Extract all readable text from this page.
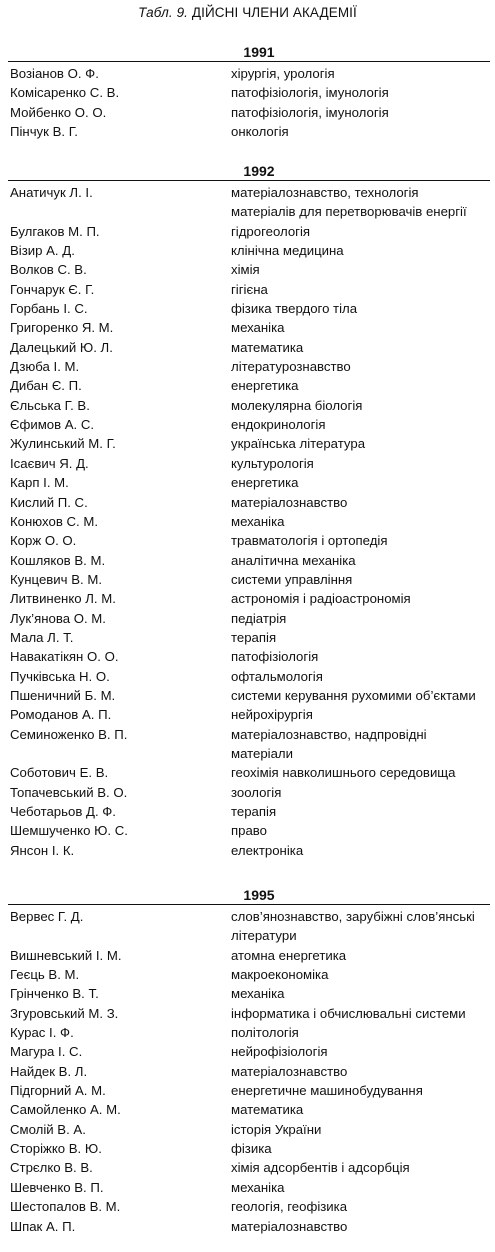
Табл. 9. ДІЙСНІ ЧЛЕНИ АКАДЕМІЇ
1991
Возіанов О. Ф.	хірургія, урологія
Комісаренко С. В.	патофізіологія, імунологія
Мойбенко О. О.	патофізіологія, імунологія
Пінчук В. Г.	онкологія
1992
Анатичук Л. І.	матеріалознавство, технологія
матеріалів для перетворювачів енергії
Булгаков М. П.	гідрогеологія
Візир А. Д.	клінічна медицина
Волков С. В.	хімія
Гончарук Є. Г.	гігієна
Горбань І. С.	фізика твердого тіла
Григоренко Я. М.	механіка
Далецький Ю. Л.	математика
Дзюба І. М.	літературознавство
Дибан Є. П.	енергетика
Єльська Г. В.	молекулярна біологія
Єфимов А. С.	ендокринологія
Жулинський М. Г.	українська література
Ісаєвич Я. Д.	культурологія
Карп І. М.	енергетика
Кислий П. С.	матеріалознавство
Конюхов С. М.	механіка
Корж О. О.	травматологія і ортопедія
Кошляков В. М.	аналітична механіка
Кунцевич В. М.	системи управління
Литвиненко Л. М.	астрономія і радіоастрономія
Лук’янова О. М.	педіатрія
Мала Л. Т.	терапія
Навакатікян О. О.	патофізіологія
Пучківська Н. О.	офтальмологія
Пшеничний Б. М.	системи керування рухомими об’єктами
Ромоданов А. П.	нейрохірургія
Семиноженко В. П.	матеріалознавство, надпровідні
матеріали
Соботович Е. В.	геохімія навколишнього середовища
Топачевський В. О.	зоологія
Чеботарьов Д. Ф.	терапія
Шемшученко Ю. С.	право
Янсон І. К.	електроніка
1995
Вервес Г. Д.	слов’янознавство, зарубіжні слов’янські
літератури
Вишневський І. М.	атомна енергетика
Геєць В. М.	макроекономіка
Грінченко В. Т.	механіка
Згуровський М. З.	інформатика і обчислювальні системи
Курас І. Ф.	політологія
Магура І. С.	нейрофізіологія
Найдек В. Л.	матеріалознавство
Підгорний А. М.	енергетичне машинобудування
Самойленко А. М.	математика
Смолій В. А.	історія України
Сторіжко В. Ю.	фізика
Стрєлко В. В.	хімія адсорбентів і адсорбція
Шевченко В. П.	механіка
Шестопалов В. М.	геологія, геофізика
Шпак А. П.	матеріалознавство
